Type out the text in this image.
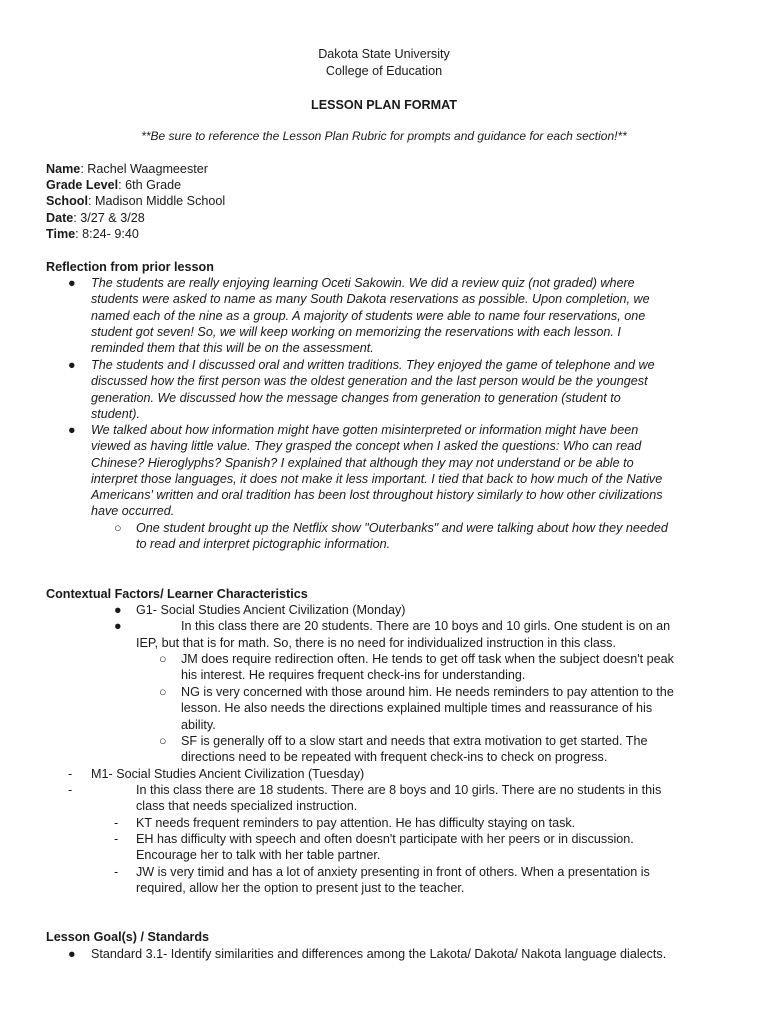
Dakota State University
College of Education
LESSON PLAN FORMAT
**Be sure to reference the Lesson Plan Rubric for prompts and guidance for each section!**
Name: Rachel Waagmeester
Grade Level: 6th Grade
School: Madison Middle School
Date: 3/27 & 3/28
Time: 8:24- 9:40
Reflection from prior lesson
● The students are really enjoying learning Oceti Sakowin. We did a review quiz (not graded) where

students were asked to name as many South Dakota reservations as possible. Upon completion, we

named each of the nine as a group. A majority of students were able to name four reservations, one

student got seven! So, we will keep working on memorizing the reservations with each lesson. I

reminded them that this will be on the assessment.

● The students and I discussed oral and written traditions. They enjoyed the game of telephone and we

discussed how the first person was the oldest generation and the last person would be the youngest

generation. We discussed how the message changes from generation to generation (student to

student).

● We talked about how information might have gotten misinterpreted or information might have been

viewed as having little value. They grasped the concept when I asked the questions: Who can read

Chinese? Hieroglyphs? Spanish? I explained that although they may not understand or be able to

interpret those languages, it does not make it less important. I tied that back to how much of the Native

Americans' written and oral tradition has been lost throughout history similarly to how other civilizations

have occurred.

○ One student brought up the Netflix show "Outerbanks" and were talking about how they needed

to read and interpret pictographic information.

Contextual Factors/ Learner Characteristics
● G1- Social Studies Ancient Civilization (Monday)
●	In this class there are 20 students. There are 10 boys and 10 girls. One student is on an
IEP, but that is for math. So, there is no need for individualized instruction in this class.
○ JM does require redirection often. He tends to get off task when the subject doesn't peak

his interest. He requires frequent check-ins for understanding.

○ NG is very concerned with those around him. He needs reminders to pay attention to the

lesson. He also needs the directions explained multiple times and reassurance of his

ability.

○ SF is generally off to a slow start and needs that extra motivation to get started. The

directions need to be repeated with frequent check-ins to check on progress.

- M1- Social Studies Ancient Civilization (Tuesday)
-	In this class there are 18 students. There are 8 boys and 10 girls. There are no students in this

class that needs specialized instruction.

- KT needs frequent reminders to pay attention. He has difficulty staying on task.
- EH has difficulty with speech and often doesn't participate with her peers or in discussion.

Encourage her to talk with her table partner.

- JW is very timid and has a lot of anxiety presenting in front of others. When a presentation is

required, allow her the option to present just to the teacher.

Lesson Goal(s) / Standards
● Standard 3.1- Identify similarities and differences among the Lakota/ Dakota/ Nakota language dialects.
